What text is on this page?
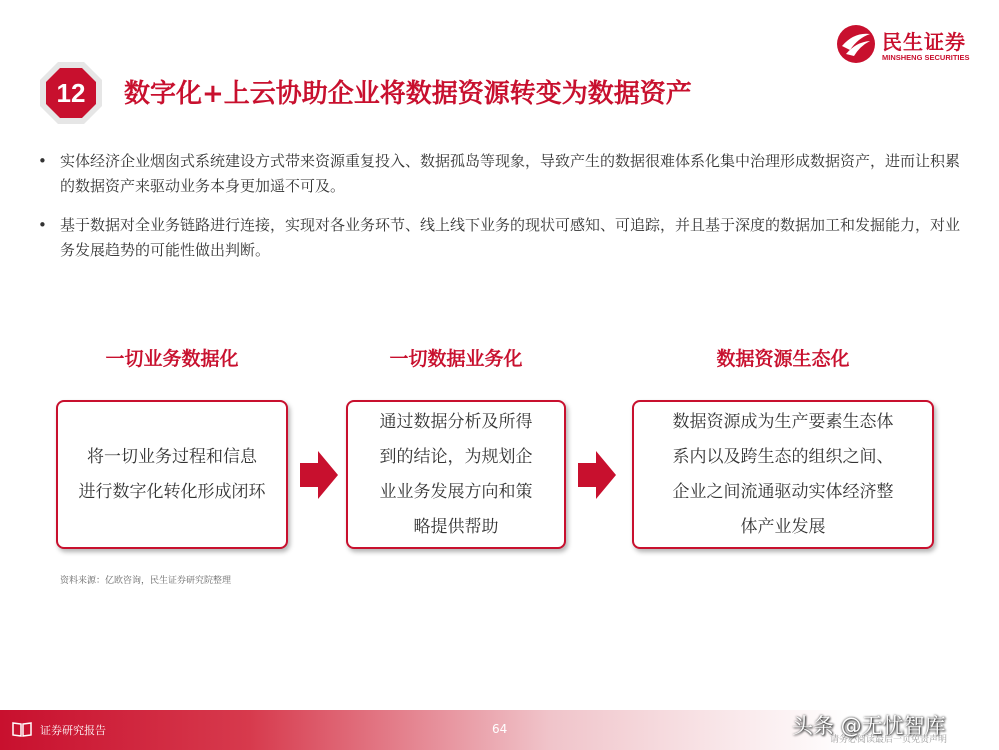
民生证券
MINSHENG SECURITIES
12	数字化+上云协助企业将数据资源转变为数据资产
• 实体经济企业烟囱式系统建设方式带来资源重复投入、数据孤岛等现象，导致产生的数据很难体系化集中治理形成数据资产，进而让积累的数据资产来驱动业务本身更加遥不可及。
• 基于数据对全业务链路进行连接，实现对各业务环节、线上线下业务的现状可感知、可追踪，并且基于深度的数据加工和发掘能力，对业务发展趋势的可能性做出判断。
一切业务数据化	一切数据业务化	数据资源生态化
将一切业务过程和信息
进行数字化转化形成闭环
通过数据分析及所得
到的结论，为规划企
业业务发展方向和策
略提供帮助
数据资源成为生产要素生态体
系内以及跨生态的组织之间、
企业之间流通驱动实体经济整
体产业发展
资料来源：亿欧咨询，民生证券研究院整理
证券研究报告	64
请务必阅读最后一页免责声明
头条 @无忧智库
